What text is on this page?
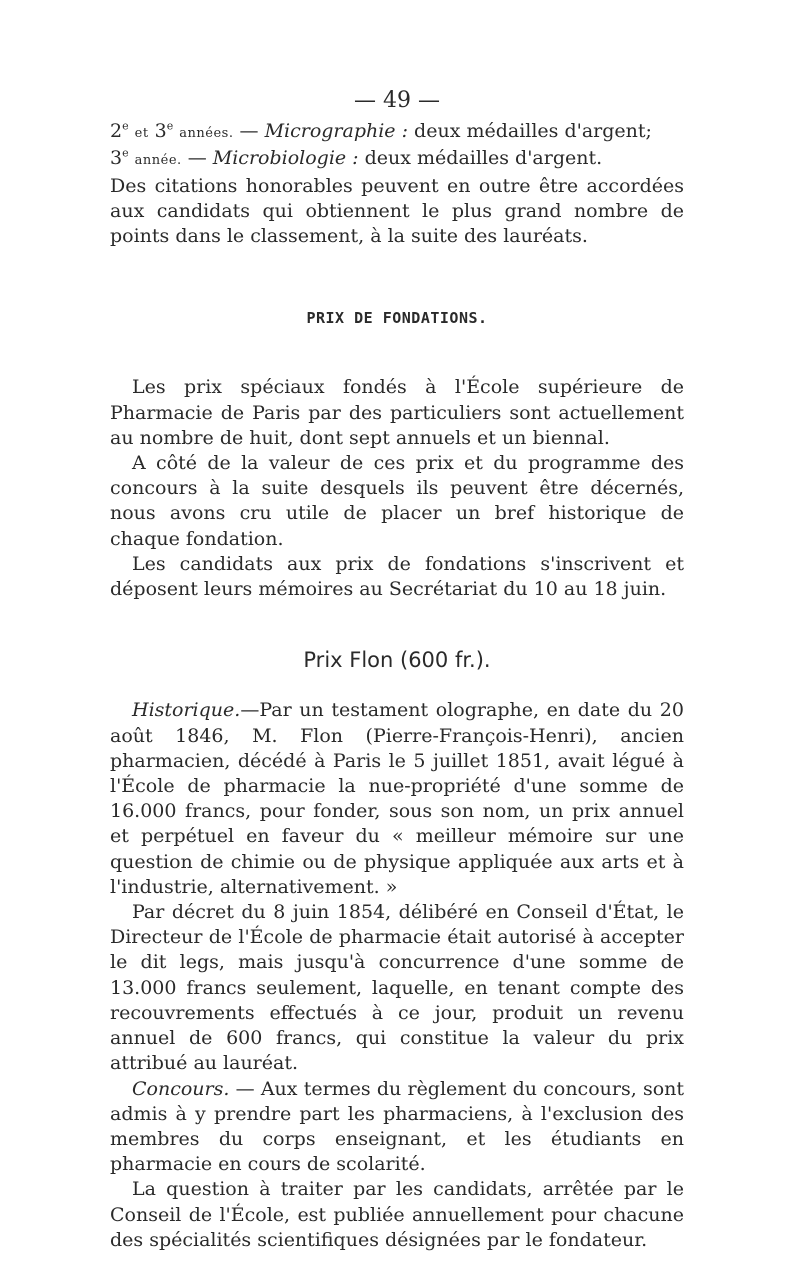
— 49 —

2e et 3e années. — Micrographie : deux médailles d'argent;

3e année. — Microbiologie : deux médailles d'argent.

Des citations honorables peuvent en outre être accordées aux candidats qui obtiennent le plus grand nombre de points dans le classement, à la suite des lauréats.

PRIX DE FONDATIONS.

Les prix spéciaux fondés à l'École supérieure de Pharmacie de Paris par des particuliers sont actuellement au nombre de huit, dont sept annuels et un biennal.

A côté de la valeur de ces prix et du programme des concours à la suite desquels ils peuvent être décernés, nous avons cru utile de placer un bref historique de chaque fondation.

Les candidats aux prix de fondations s'inscrivent et déposent leurs mémoires au Secrétariat du 10 au 18 juin.

Prix Flon (600 fr.).

Historique.—Par un testament olographe, en date du 20 août 1846, M. Flon (Pierre-François-Henri), ancien pharmacien, décédé à Paris le 5 juillet 1851, avait légué à l'École de pharmacie la nue-propriété d'une somme de 16.000 francs, pour fonder, sous son nom, un prix annuel et perpétuel en faveur du « meilleur mémoire sur une question de chimie ou de physique appliquée aux arts et à l'industrie, alternativement. »

Par décret du 8 juin 1854, délibéré en Conseil d'État, le Directeur de l'École de pharmacie était autorisé à accepter le dit legs, mais jusqu'à concurrence d'une somme de 13.000 francs seulement, laquelle, en tenant compte des recouvrements effectués à ce jour, produit un revenu annuel de 600 francs, qui constitue la valeur du prix attribué au lauréat.

Concours. — Aux termes du règlement du concours, sont admis à y prendre part les pharmaciens, à l'exclusion des membres du corps enseignant, et les étudiants en pharmacie en cours de scolarité.

La question à traiter par les candidats, arrêtée par le Conseil de l'École, est publiée annuellement pour chacune des spécialités scientifiques désignées par le fondateur.
